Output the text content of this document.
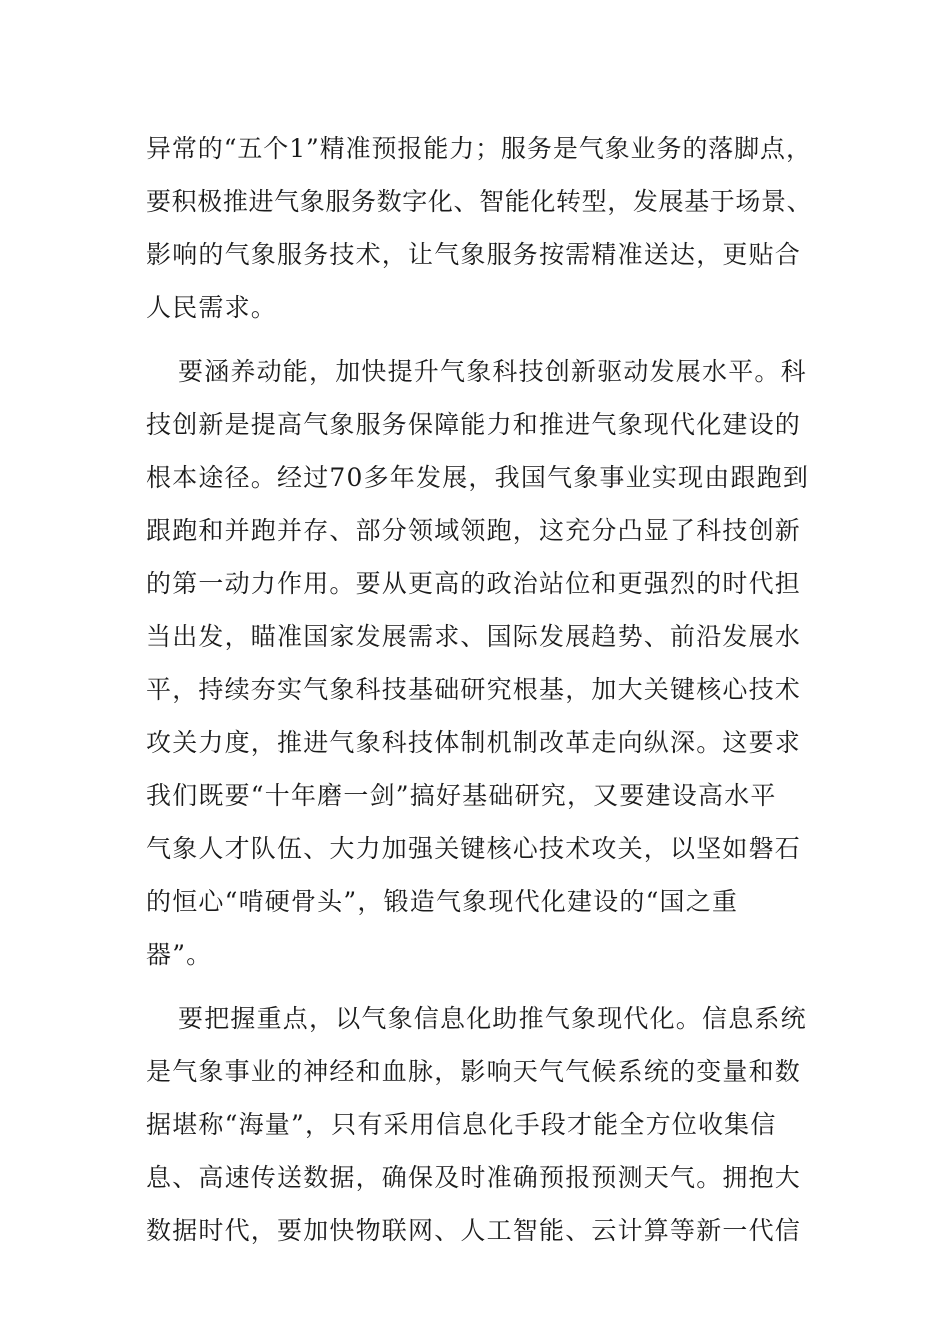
异常的“五个1”精准预报能力；服务是气象业务的落脚点，
要积极推进气象服务数字化、智能化转型，发展基于场景、
影响的气象服务技术，让气象服务按需精准送达，更贴合
人民需求。
要涵养动能，加快提升气象科技创新驱动发展水平。科
技创新是提高气象服务保障能力和推进气象现代化建设的
根本途径。经过70多年发展，我国气象事业实现由跟跑到
跟跑和并跑并存、部分领域领跑，这充分凸显了科技创新
的第一动力作用。要从更高的政治站位和更强烈的时代担
当出发，瞄准国家发展需求、国际发展趋势、前沿发展水
平，持续夯实气象科技基础研究根基，加大关键核心技术
攻关力度，推进气象科技体制机制改革走向纵深。这要求
我们既要“十年磨一剑”搞好基础研究，又要建设高水平
气象人才队伍、大力加强关键核心技术攻关，以坚如磐石
的恒心“啃硬骨头”，锻造气象现代化建设的“国之重
器”。
要把握重点，以气象信息化助推气象现代化。信息系统
是气象事业的神经和血脉，影响天气气候系统的变量和数
据堪称“海量”，只有采用信息化手段才能全方位收集信
息、高速传送数据，确保及时准确预报预测天气。拥抱大
数据时代，要加快物联网、人工智能、云计算等新一代信
